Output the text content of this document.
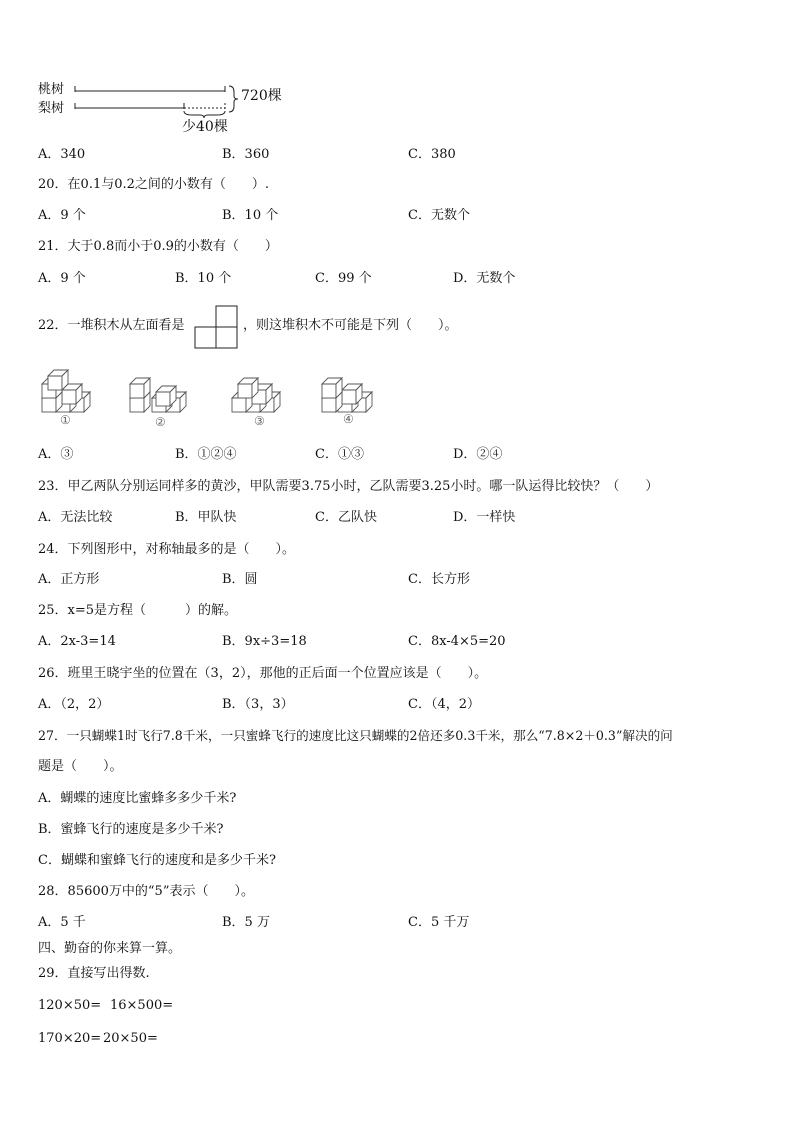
桃树
梨树
720棵
少40棵
A．340	B．360	C．380
20．在0.1与0.2之间的小数有（　　）.
A．9 个	B．10 个	C．无数个
21．大于0.8而小于0.9的小数有（　　）
A．9 个	B．10 个	C．99 个	D．无数个
22．一堆积木从左面看是	，则这堆积木不可能是下列（　　）。
①	②	③	④
A．③	B．①②④	C．①③	D．②④
23．甲乙两队分别运同样多的黄沙，甲队需要3.75小时，乙队需要3.25小时。哪一队运得比较快？（　　）
A．无法比较	B．甲队快	C．乙队快	D．一样快
24．下列图形中，对称轴最多的是（　　）。
A．正方形	B．圆	C．长方形
25．x=5是方程（　　　）的解。
A．2x-3=14	B．9x÷3=18	C．8x-4×5=20
26．班里王晓宇坐的位置在（3，2），那他的正后面一个位置应该是（　　）。
A．（2，2）	B．（3，3）	C．（4，2）
27．一只蝴蝶1时飞行7.8千米，一只蜜蜂飞行的速度比这只蝴蝶的2倍还多0.3千米，那么“7.8×2＋0.3”解决的问
题是（　　）。
A．蝴蝶的速度比蜜蜂多多少千米?
B．蜜蜂飞行的速度是多少千米?
C．蝴蝶和蜜蜂飞行的速度和是多少千米?
28．85600万中的“5”表示（　　）。
A．5 千	B．5 万	C．5 千万
四、勤奋的你来算一算。
29．直接写出得数.
120×50= 16×500=
170×20= 20×50=
